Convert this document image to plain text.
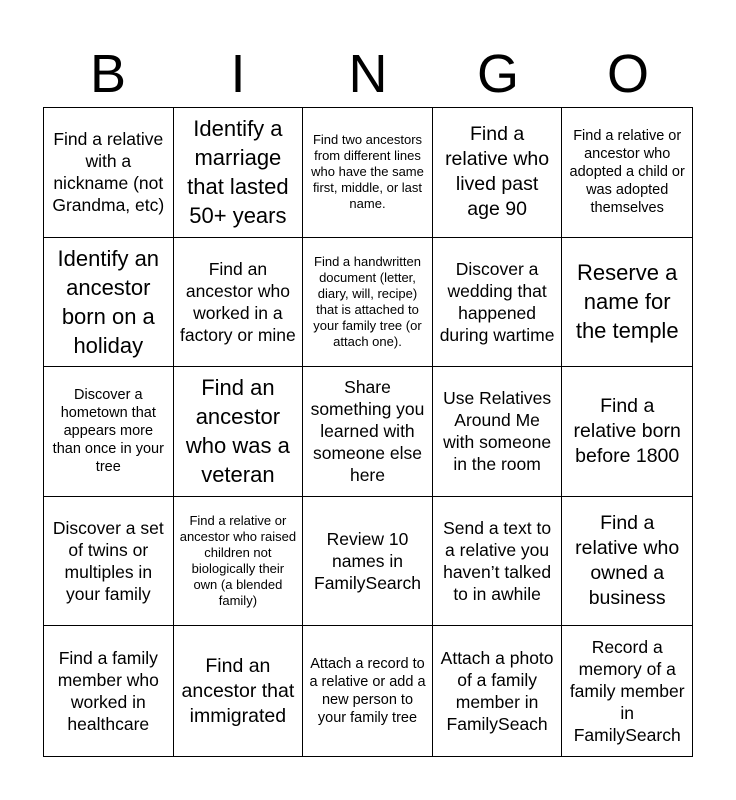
B	I	N	G	O
Find a relative with a nickname (not Grandma, etc)
Identify a marriage that lasted 50+ years
Find two ancestors from different lines who have the same first, middle, or last name.
Find a relative who lived past age 90
Find a relative or ancestor who adopted a child or was adopted themselves
Identify an ancestor born on a holiday
Find an ancestor who worked in a factory or mine
Find a handwritten document (letter, diary, will, recipe) that is attached to your family tree (or attach one).
Discover a wedding that happened during wartime
Reserve a name for the temple
Discover a hometown that appears more than once in your tree
Find an ancestor who was a veteran
Share something you learned with someone else here
Use Relatives Around Me with someone in the room
Find a relative born before 1800
Discover a set of twins or multiples in your family
Find a relative or ancestor who raised children not biologically their own (a blended family)
Review 10 names in FamilySearch
Send a text to a relative you haven’t talked to in awhile
Find a relative who owned a business
Find a family member who worked in healthcare
Find an ancestor that immigrated
Attach a record to a relative or add a new person to your family tree
Attach a photo of a family member in FamilySeach
Record a memory of a family member in FamilySearch
